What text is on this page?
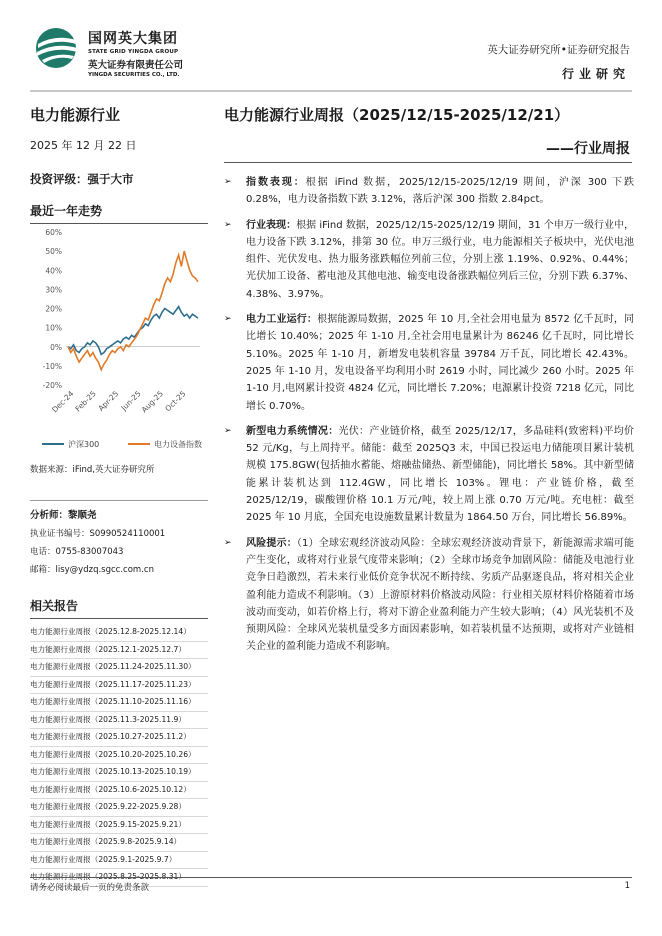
国网英大集团
STATE GRID YINGDA GROUP
英大证券有限责任公司
YINGDA SECURITIES CO., LTD.
英大证券研究所•证券研究报告
行业研究
电力能源行业
2025 年 12 月 22 日
投资评级：强于大市
最近一年走势
60%
50%
40%
30%
20%
10%
0%
-10%
-20%
Dec-24
Feb-25
Apr-25 Jun-25
Aug-25
Oct-25
沪深300	电力设备指数
数据来源：iFind,英大证券研究所
分析师：黎顺尧
执业证书编号：S0990524110001
电话：0755-83007043
邮箱：lisy@ydzq.sgcc.com.cn
相关报告
电力能源行业周报（2025.12.8-2025.12.14）
电力能源行业周报（2025.12.1-2025.12.7）
电力能源行业周报（2025.11.24-2025.11.30）
电力能源行业周报（2025.11.17-2025.11.23）
电力能源行业周报（2025.11.10-2025.11.16）
电力能源行业周报（2025.11.3-2025.11.9）
电力能源行业周报（2025.10.27-2025.11.2）
电力能源行业周报（2025.10.20-2025.10.26）
电力能源行业周报（2025.10.13-2025.10.19）
电力能源行业周报（2025.10.6-2025.10.12）
电力能源行业周报（2025.9.22-2025.9.28）
电力能源行业周报（2025.9.15-2025.9.21）
电力能源行业周报（2025.9.8-2025.9.14）
电力能源行业周报（2025.9.1-2025.9.7）
电力能源行业周报（2025/12/15-2025/12/21）
——行业周报
➢ 指数表现：根据 iFind 数据，2025/12/15-2025/12/19 期间，沪深 300 下跌 0.28%，电力设备指数下跌 3.12%，落后沪深 300 指数 2.84pct。
➢ 行业表现：根据 iFind 数据，2025/12/15-2025/12/19 期间，31 个申万一级行业中，电力设备下跌 3.12%，排第 30 位。申万三级行业，电力能源相关子板块中，光伏电池组件、光伏发电、热力服务涨跌幅位列前三位，分别上涨 1.19%、0.92%、0.44%；光伏加工设备、蓄电池及其他电池、输变电设备涨跌幅位列后三位，分别下跌 6.37%、4.38%、3.97%。
➢ 电力工业运行：根据能源局数据，2025 年 10 月,全社会用电量为 8572 亿千瓦时，同比增长 10.40%；2025 年 1-10 月,全社会用电量累计为 86246 亿千瓦时，同比增长 5.10%。2025 年 1-10 月，新增发电装机容量 39784 万千瓦，同比增长 42.43%。2025 年 1-10 月，发电设备平均利用小时 2619 小时，同比减少 260 小时。2025 年 1-10 月,电网累计投资 4824 亿元，同比增长 7.20%；电源累计投资 7218 亿元，同比增长 0.70%。
➢ 新型电力系统情况：光伏：产业链价格，截至 2025/12/17，多晶硅料(致密料)平均价 52 元/Kg，与上周持平。储能：截至 2025Q3 末，中国已投运电力储能项目累计装机规模 175.8GW(包括抽水蓄能、熔融盐储热、新型储能)，同比增长 58%。其中新型储能累计装机达到 112.4GW，同比增长 103%。锂电：产业链价格，截至 2025/12/19，碳酸锂价格 10.1 万元/吨，较上周上涨 0.70 万元/吨。充电桩：截至 2025 年 10 月底，全国充电设施数量累计数量为 1864.50 万台，同比增长 56.89%。
➢ 风险提示：（1）全球宏观经济波动风险：全球宏观经济波动背景下，新能源需求端可能产生变化，或将对行业景气度带来影响；（2）全球市场竞争加剧风险：储能及电池行业竞争日趋激烈，若未来行业低价竞争状况不断持续、劣质产品驱逐良品，将对相关企业盈利能力造成不利影响。（3）上游原材料价格波动风险：行业相关原材料价格随着市场波动而变动，如若价格上行，将对下游企业盈利能力产生较大影响；（4）风光装机不及预期风险：全球风光装机量受多方面因素影响，如若装机量不达预期，或将对产业链相关企业的盈利能力造成不利影响。
请务必阅读最后一页的免责条款	1
